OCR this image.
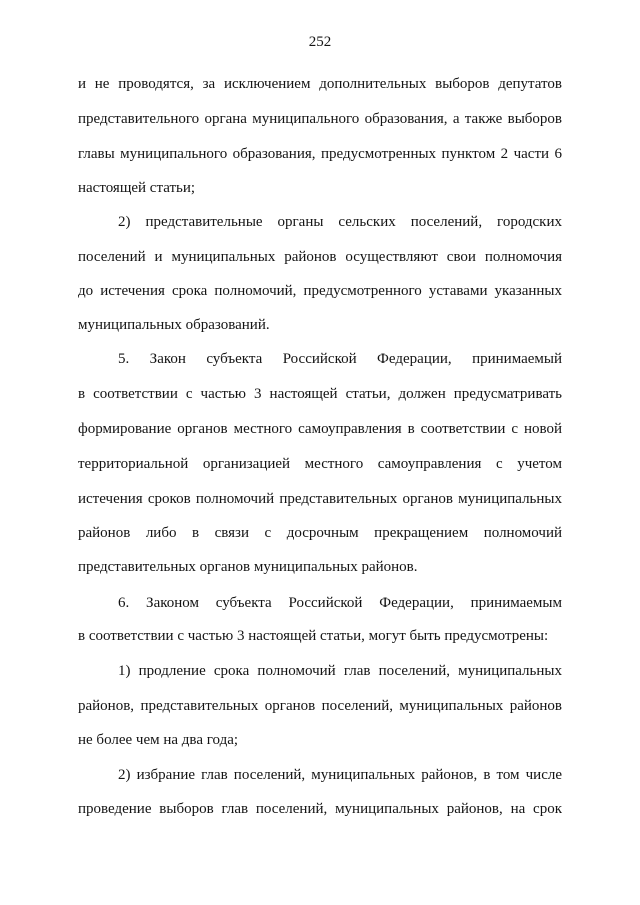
252
и не проводятся, за исключением дополнительных выборов депутатов
представительного органа муниципального образования, а также выборов
главы муниципального образования, предусмотренных пунктом 2 части 6
настоящей статьи;
2) представительные органы сельских поселений, городских
поселений и муниципальных районов осуществляют свои полномочия
до истечения срока полномочий, предусмотренного уставами указанных
муниципальных образований.
5. Закон субъекта Российской Федерации, принимаемый
в соответствии с частью 3 настоящей статьи, должен предусматривать
формирование органов местного самоуправления в соответствии с новой
территориальной организацией местного самоуправления с учетом
истечения сроков полномочий представительных органов муниципальных
районов либо в связи с досрочным прекращением полномочий
представительных органов муниципальных районов.
6. Законом субъекта Российской Федерации, принимаемым
в соответствии с частью 3 настоящей статьи, могут быть предусмотрены:
1) продление срока полномочий глав поселений, муниципальных
районов, представительных органов поселений, муниципальных районов
не более чем на два года;
2) избрание глав поселений, муниципальных районов, в том числе
проведение выборов глав поселений, муниципальных районов, на срок
